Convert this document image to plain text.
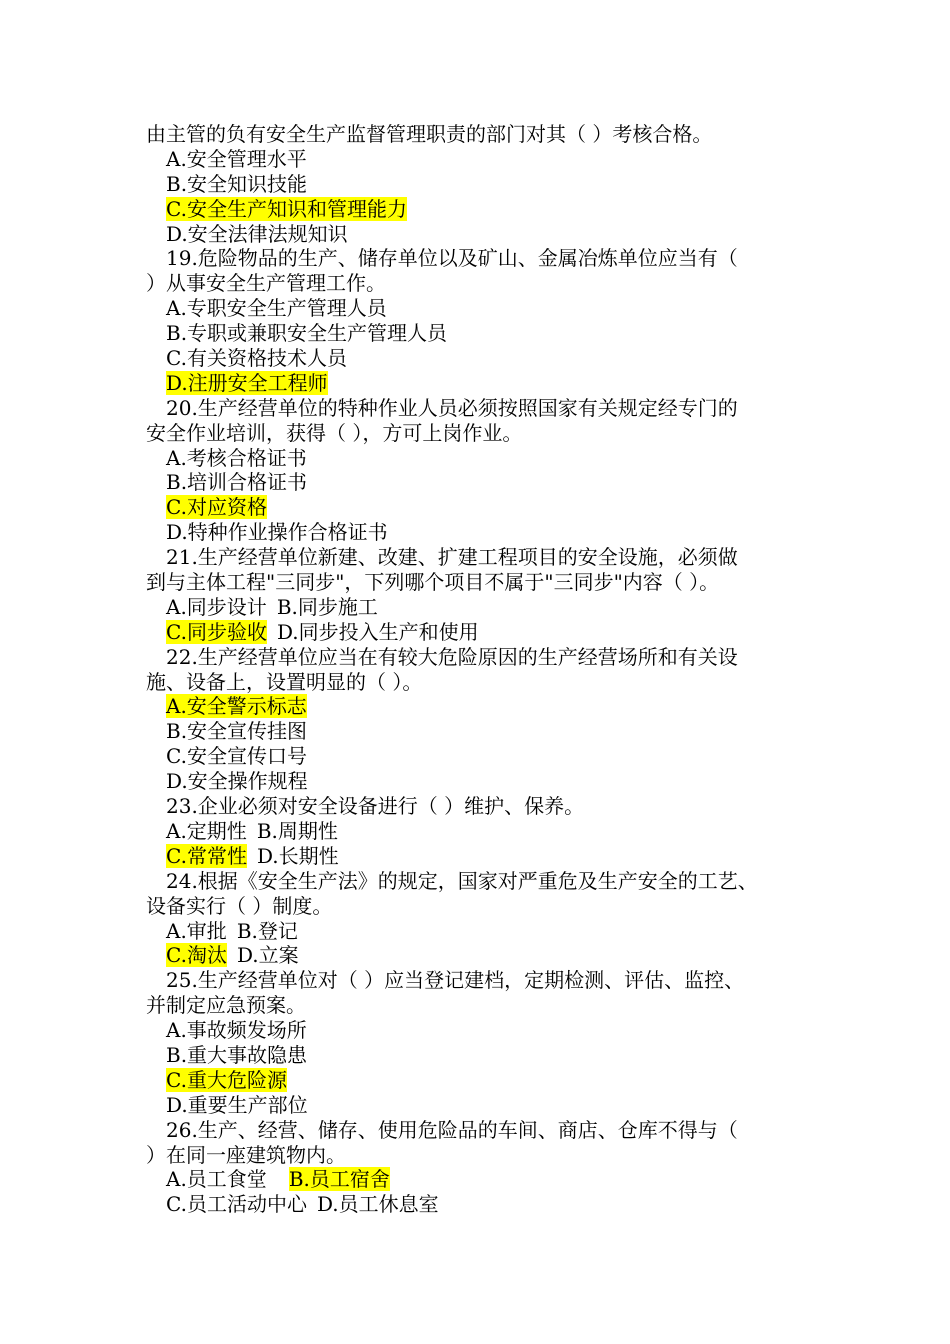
由主管的负有安全生产监督管理职责的部门对其（ ）考核合格。
A.安全管理水平
B.安全知识技能
C.安全生产知识和管理能力
D.安全法律法规知识
19.危险物品的生产、储存单位以及矿山、金属冶炼单位应当有（
）从事安全生产管理工作。
A.专职安全生产管理人员
B.专职或兼职安全生产管理人员
C.有关资格技术人员
D.注册安全工程师
20.生产经营单位的特种作业人员必须按照国家有关规定经专门的
安全作业培训，获得（ ），方可上岗作业。
A.考核合格证书
B.培训合格证书
C.对应资格
D.特种作业操作合格证书
21.生产经营单位新建、改建、扩建工程项目的安全设施，必须做
到与主体工程"三同步"，下列哪个项目不属于"三同步"内容（ ）。
A.同步设计 B.同步施工
C.同步验收 D.同步投入生产和使用
22.生产经营单位应当在有较大危险原因的生产经营场所和有关设
施、设备上，设置明显的（ ）。
A.安全警示标志
B.安全宣传挂图
C.安全宣传口号
D.安全操作规程
23.企业必须对安全设备进行（ ）维护、保养。
A.定期性 B.周期性
C.常常性 D.长期性
24.根据《安全生产法》的规定，国家对严重危及生产安全的工艺、
设备实行（ ）制度。
A.审批 B.登记
C.淘汰 D.立案
25.生产经营单位对（ ）应当登记建档，定期检测、评估、监控、
并制定应急预案。
A.事故频发场所
B.重大事故隐患
C.重大危险源
D.重要生产部位
26.生产、经营、储存、使用危险品的车间、商店、仓库不得与（
）在同一座建筑物内。
A.员工食堂 B.员工宿舍
C.员工活动中心 D.员工休息室
